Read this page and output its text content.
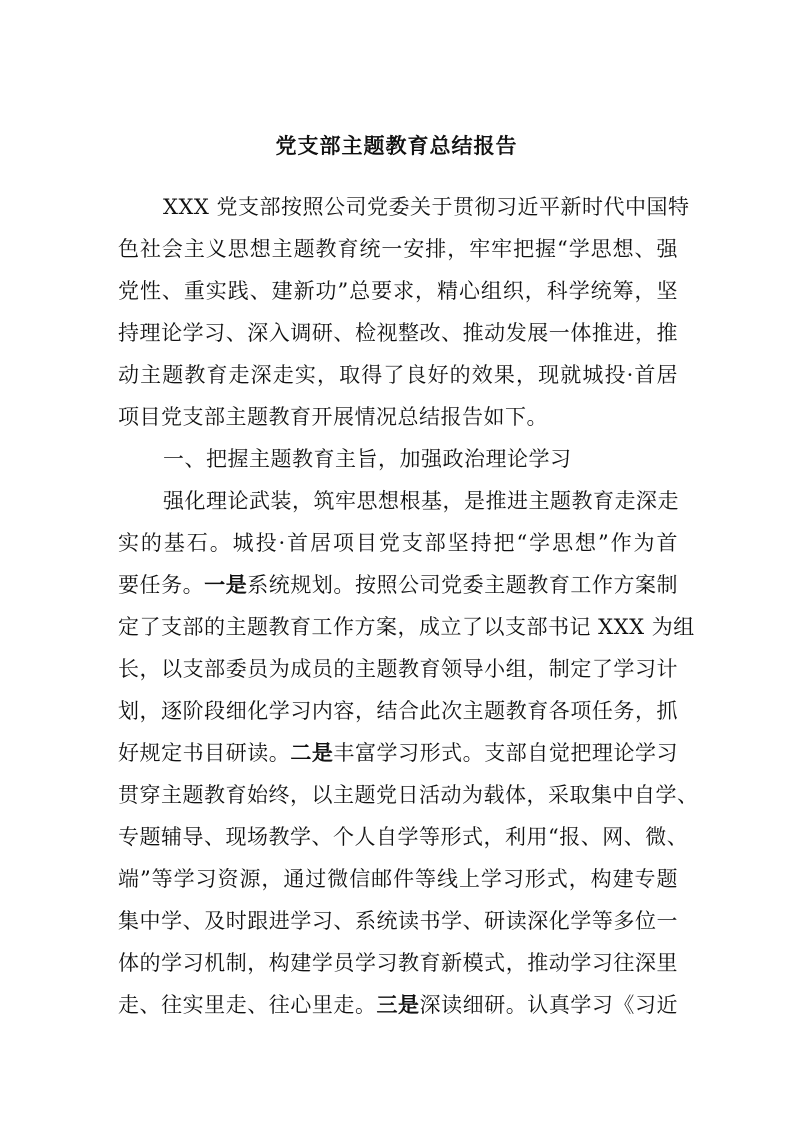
党支部主题教育总结报告
XXX 党支部按照公司党委关于贯彻习近平新时代中国特
色社会主义思想主题教育统一安排，牢牢把握“学思想、强
党性、重实践、建新功”总要求，精心组织，科学统筹，坚
持理论学习、深入调研、检视整改、推动发展一体推进，推
动主题教育走深走实，取得了良好的效果，现就城投·首居
项目党支部主题教育开展情况总结报告如下。
一、把握主题教育主旨，加强政治理论学习
强化理论武装，筑牢思想根基，是推进主题教育走深走
实的基石。城投·首居项目党支部坚持把“学思想”作为首
要任务。一是系统规划。按照公司党委主题教育工作方案制
定了支部的主题教育工作方案，成立了以支部书记 XXX 为组
长，以支部委员为成员的主题教育领导小组，制定了学习计
划，逐阶段细化学习内容，结合此次主题教育各项任务，抓
好规定书目研读。二是丰富学习形式。支部自觉把理论学习
贯穿主题教育始终，以主题党日活动为载体，采取集中自学、
专题辅导、现场教学、个人自学等形式，利用“报、网、微、
端”等学习资源，通过微信邮件等线上学习形式，构建专题
集中学、及时跟进学习、系统读书学、研读深化学等多位一
体的学习机制，构建学员学习教育新模式，推动学习往深里
走、往实里走、往心里走。三是深读细研。认真学习《习近
